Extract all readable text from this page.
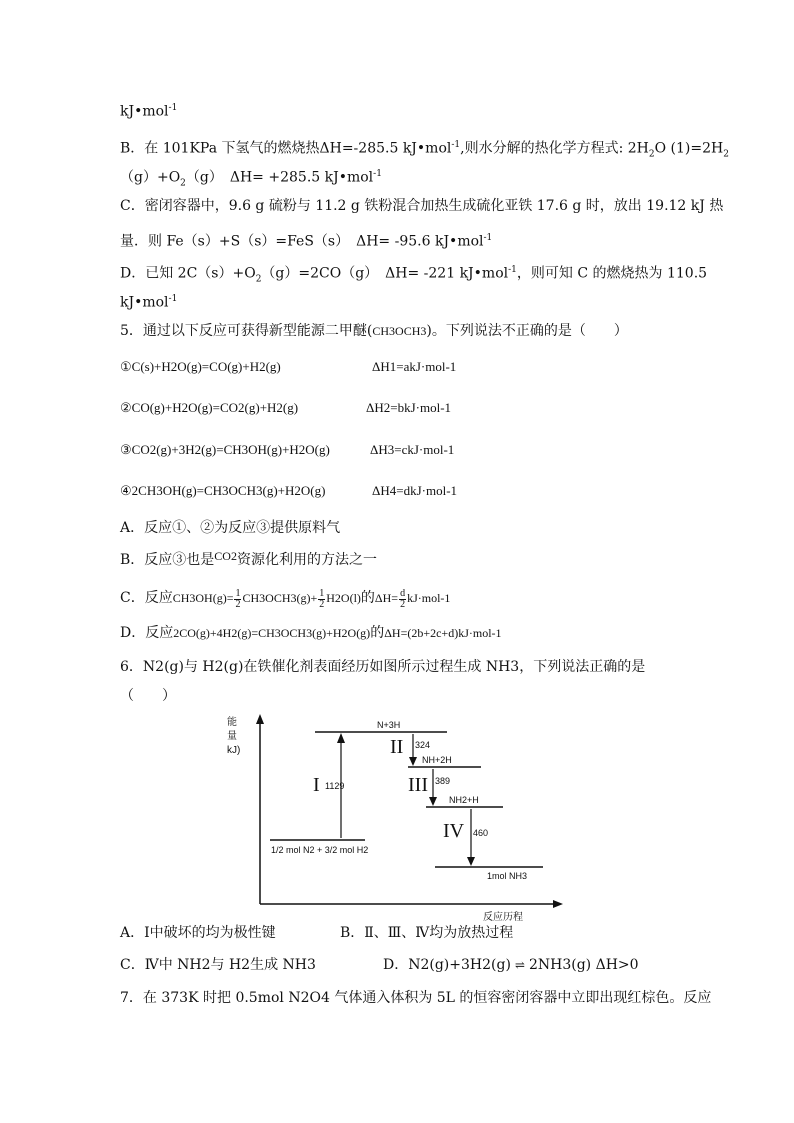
kJ•mol$^{-1}$
B．在 101KPa 下氢气的燃烧热ΔH=-285.5 kJ•mol$^{-1}$,则水分解的热化学方程式: $2H_2O$ $(1)=2H_2$
$(g)+O_2(g)$　ΔH= +285.5 kJ•mol$^{-1}$
C．密闭容器中，9.6 g 硫粉与 11.2 g 铁粉混合加热生成硫化亚铁 17.6 g 时，放出 19.12 kJ 热
量．则 Fe（s）+S（s）=FeS（s）　ΔH= -95.6 kJ•mol$^{-1}$
D．已知 $2C(s)+O_2(g)=2CO(g)$　ΔH= -221 kJ•mol$^{-1}$，则可知 C 的燃烧热为 110.5
kJ•mol$^{-1}$
5．通过以下反应可获得新型能源二甲醚(CH3OCH3)。下列说法不正确的是（　　）
①C(s)+H2O(g)=CO(g)+H2(g)	ΔH1=akJ·mol-1
②CO(g)+H2O(g)=CO2(g)+H2(g)	ΔH2=bkJ·mol-1
③CO2(g)+3H2(g)=CH3OH(g)+H2O(g)	ΔH3=ckJ·mol-1
④2CH3OH(g)=CH3OCH3(g)+H2O(g)	ΔH4=dkJ·mol-1
A．反应①、②为反应③提供原料气
B．反应③也是CO2资源化利用的方法之一
C．反应$CH3OH(g)= \frac{1}{2} CH3OCH3(g)+ \frac{1}{2} H2O(l)$的$\Delta H= \frac{d}{2} kJ\cdot mol-1$
D．反应2CO(g)+4H2(g)=CH3OCH3(g)+H2O(g)的ΔH=(2b+2c+d)kJ·mol-1
6．N2(g)与 H2(g)在铁催化剂表面经历如图所示过程生成 NH3，下列说法正确的是
（　　）
能量kJ)
反应历程
N+3H
NH+2H
NH2+H
1mol NH3
1/2 mol N2 + 3/2 mol H2
I 1129
II 324
III 389
IV 460
A．Ⅰ中破坏的均为极性键	B．Ⅱ、Ⅲ、Ⅳ均为放热过程
C．Ⅳ中 NH2与 H2生成 NH3	D．N2(g)+3H2(g) ⇌ 2NH3(g) ΔH>0
7．在 373K 时把 0.5mol N2O4 气体通入体积为 5L 的恒容密闭容器中立即出现红棕色。反应
